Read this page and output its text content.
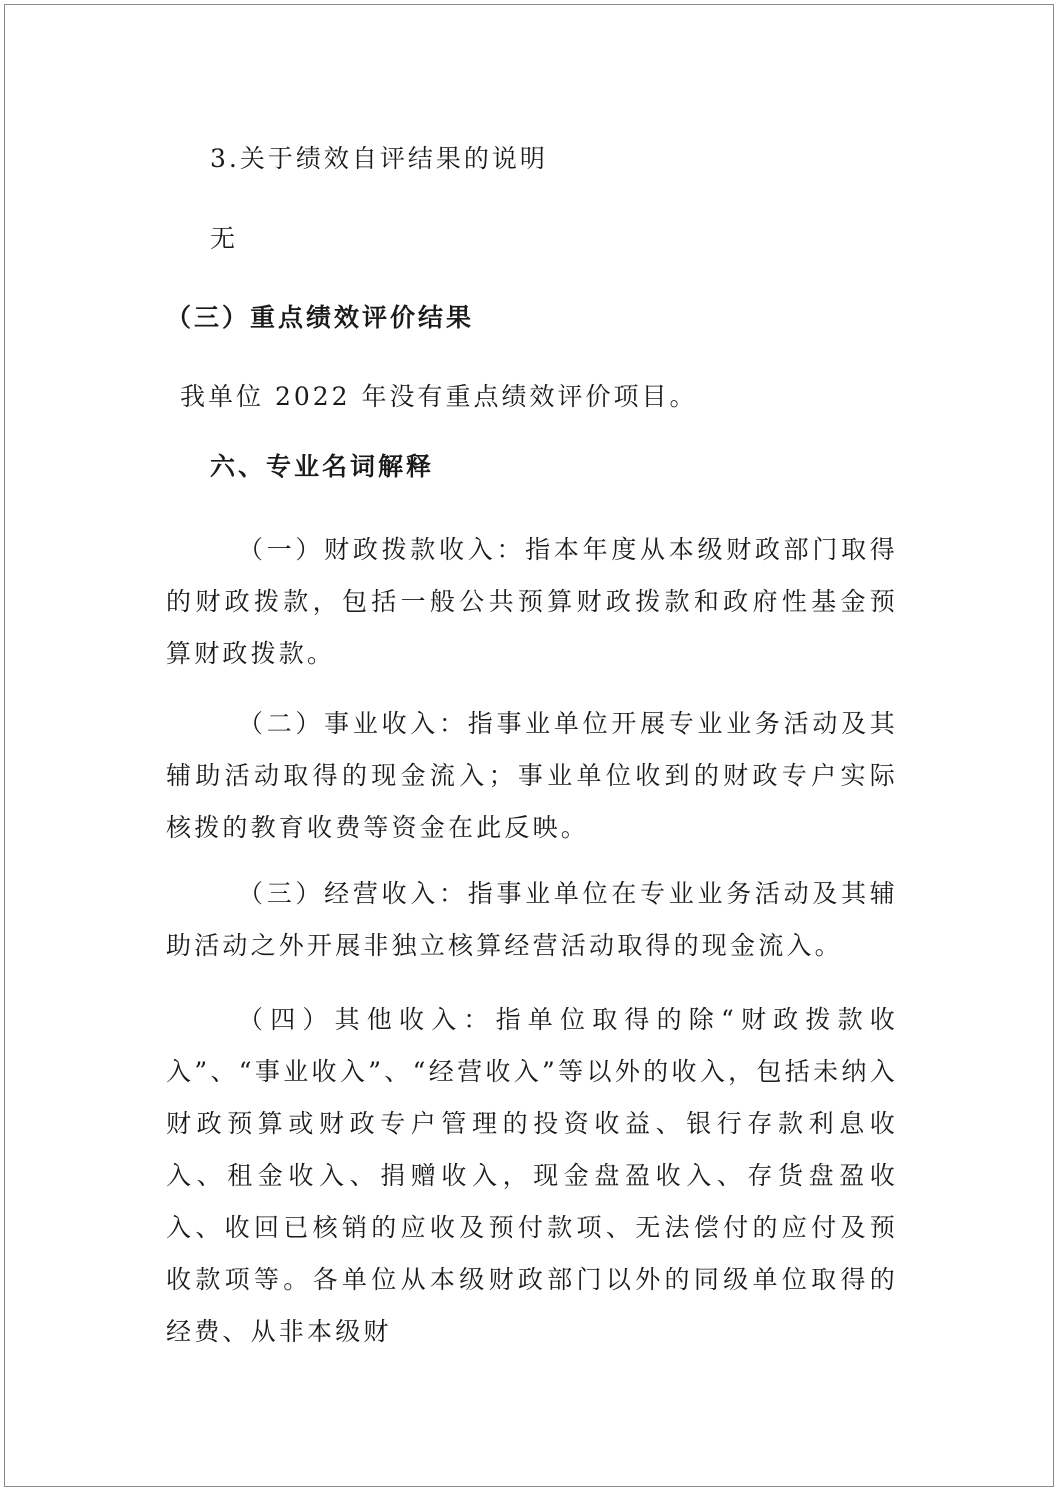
3.关于绩效自评结果的说明
无
（三）重点绩效评价结果
我单位 2022 年没有重点绩效评价项目。
六、专业名词解释

（一）财政拨款收入：指本年度从本级财政部门取得的财政拨款，包括一般公共预算财政拨款和政府性基金预算财政拨款。

（二）事业收入：指事业单位开展专业业务活动及其辅助活动取得的现金流入；事业单位收到的财政专户实际核拨的教育收费等资金在此反映。

（三）经营收入：指事业单位在专业业务活动及其辅助活动之外开展非独立核算经营活动取得的现金流入。

（四）其他收入：指单位取得的除“财政拨款收入”、“事业收入”、“经营收入”等以外的收入，包括未纳入财政预算或财政专户管理的投资收益、银行存款利息收入、租金收入、捐赠收入，现金盘盈收入、存货盘盈收入、收回已核销的应收及预付款项、无法偿付的应付及预收款项等。各单位从本级财政部门以外的同级单位取得的经费、从非本级财
